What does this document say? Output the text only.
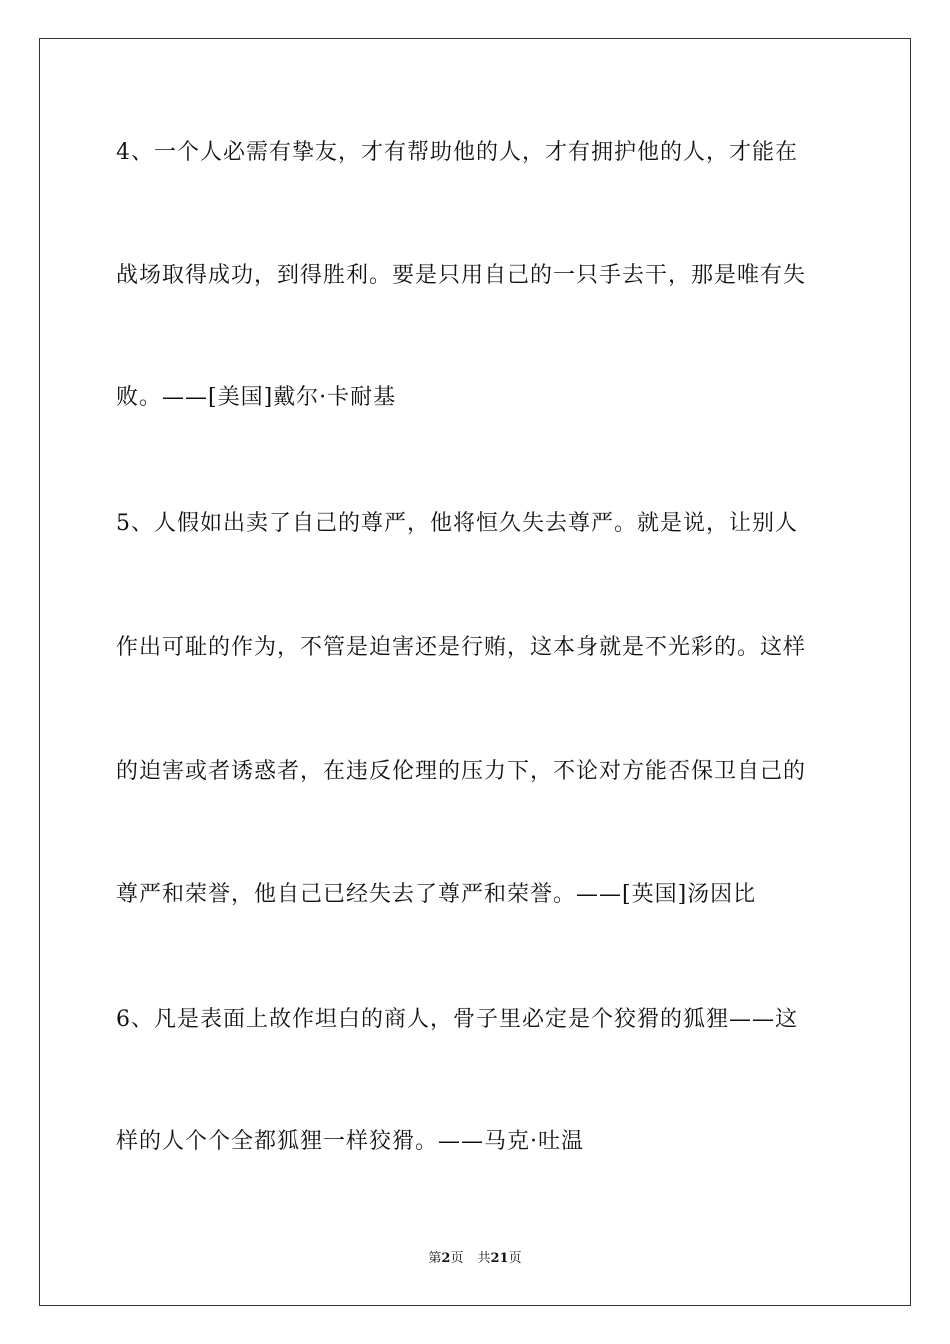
4、一个人必需有挚友，才有帮助他的人，才有拥护他的人，才能在
战场取得成功，到得胜利。要是只用自己的一只手去干，那是唯有失
败。——[美国]戴尔·卡耐基
5、人假如出卖了自己的尊严，他将恒久失去尊严。就是说，让别人
作出可耻的作为，不管是迫害还是行贿，这本身就是不光彩的。这样
的迫害或者诱惑者，在违反伦理的压力下，不论对方能否保卫自己的
尊严和荣誉，他自己已经失去了尊严和荣誉。——[英国]汤因比
6、凡是表面上故作坦白的商人，骨子里必定是个狡猾的狐狸——这
样的人个个全都狐狸一样狡猾。——马克·吐温
第2页 共21页
